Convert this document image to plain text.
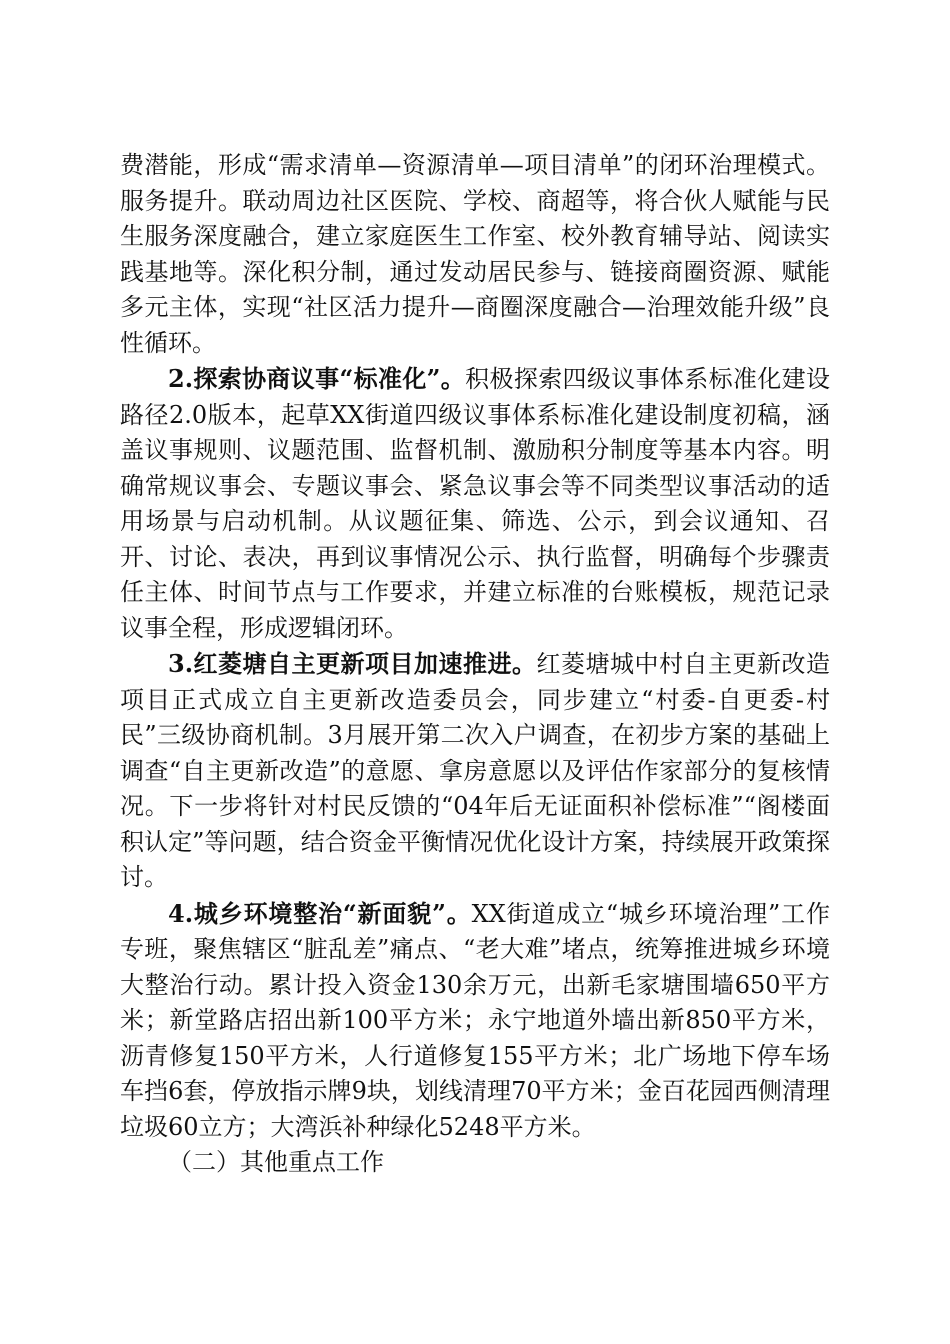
费潜能，形成“需求清单—资源清单—项目清单”的闭环治理模式。服务提升。联动周边社区医院、学校、商超等，将合伙人赋能与民生服务深度融合，建立家庭医生工作室、校外教育辅导站、阅读实践基地等。深化积分制，通过发动居民参与、链接商圈资源、赋能多元主体，实现“社区活力提升—商圈深度融合—治理效能升级”良性循环。

2.探索协商议事“标准化”。积极探索四级议事体系标准化建设路径2.0版本，起草XX街道四级议事体系标准化建设制度初稿，涵盖议事规则、议题范围、监督机制、激励积分制度等基本内容。明确常规议事会、专题议事会、紧急议事会等不同类型议事活动的适用场景与启动机制。从议题征集、筛选、公示，到会议通知、召开、讨论、表决，再到议事情况公示、执行监督，明确每个步骤责任主体、时间节点与工作要求，并建立标准的台账模板，规范记录议事全程，形成逻辑闭环。

3.红菱塘自主更新项目加速推进。红菱塘城中村自主更新改造项目正式成立自主更新改造委员会，同步建立“村委-自更委-村民”三级协商机制。3月展开第二次入户调查，在初步方案的基础上调查“自主更新改造”的意愿、拿房意愿以及评估作家部分的复核情况。下一步将针对村民反馈的“04年后无证面积补偿标准”“阁楼面积认定”等问题，结合资金平衡情况优化设计方案，持续展开政策探讨。

4.城乡环境整治“新面貌”。XX街道成立“城乡环境治理”工作专班，聚焦辖区“脏乱差”痛点、“老大难”堵点，统筹推进城乡环境大整治行动。累计投入资金130余万元，出新毛家塘围墙650平方米；新堂路店招出新100平方米；永宁地道外墙出新850平方米，沥青修复150平方米，人行道修复155平方米；北广场地下停车场车挡6套，停放指示牌9块，划线清理70平方米；金百花园西侧清理垃圾60立方；大湾浜补种绿化5248平方米。

（二）其他重点工作
